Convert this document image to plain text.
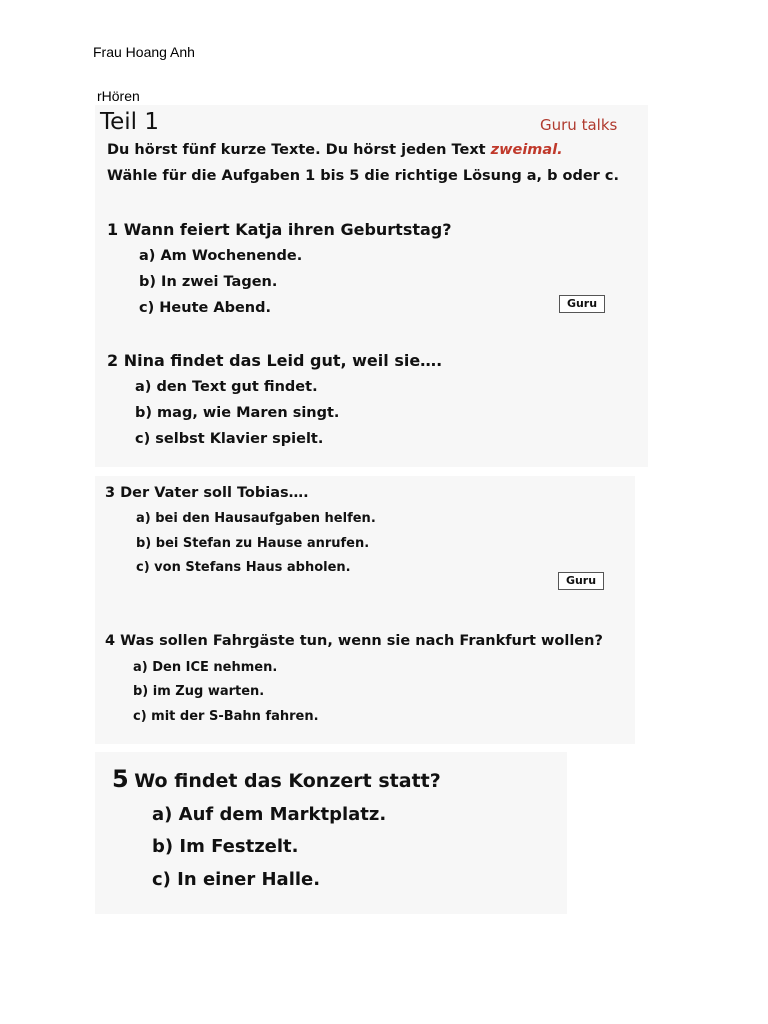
Frau Hoang Anh
rHören
Teil 1	Guru talks
Du hörst fünf kurze Texte. Du hörst jeden Text zweimal.
Wähle für die Aufgaben 1 bis 5 die richtige Lösung a, b oder c.
1 Wann feiert Katja ihren Geburtstag?
a) Am Wochenende.
b) In zwei Tagen.
c) Heute Abend.	Guru
2 Nina findet das Leid gut, weil sie….
a) den Text gut findet.
b) mag, wie Maren singt.
c) selbst Klavier spielt.
3 Der Vater soll Tobias….
a) bei den Hausaufgaben helfen.
b) bei Stefan zu Hause anrufen.
c) von Stefans Haus abholen.
Guru
4 Was sollen Fahrgäste tun, wenn sie nach Frankfurt wollen?
a) Den ICE nehmen.
b) im Zug warten.
c) mit der S-Bahn fahren.
5 Wo findet das Konzert statt?
a) Auf dem Marktplatz.
b) Im Festzelt.
c) In einer Halle.
